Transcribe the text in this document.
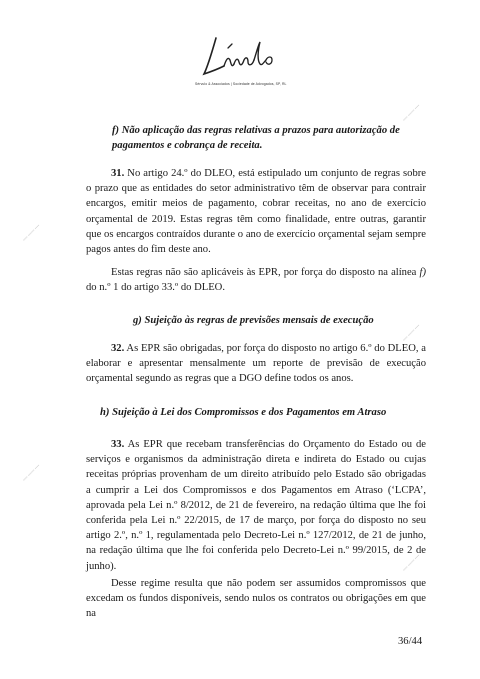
▪▪▪▪ ▪▪▪▪▪▪ ▪▪▪▪
▪▪▪▪ ▪▪▪▪▪▪ ▪▪▪▪
▪▪▪▪ ▪▪▪▪▪▪ ▪▪▪▪
▪▪▪▪ ▪▪▪▪▪▪ ▪▪▪▪
▪▪▪▪ ▪▪▪▪▪▪ ▪▪▪▪
Sérvulo & Associados | Sociedade de Advogados, SP, RL
f) Não aplicação das regras relativas a prazos para autorização de
pagamentos e cobrança de receita.
31. No artigo 24.º do DLEO, está estipulado um conjunto de regras sobre o prazo que as entidades do setor administrativo têm de observar para contrair encargos, emitir meios de pagamento, cobrar receitas, no ano de exercício orçamental de 2019. Estas regras têm como finalidade, entre outras, garantir que os encargos contraídos durante o ano de exercício orçamental sejam sempre pagos antes do fim deste ano.
Estas regras não são aplicáveis às EPR, por força do disposto na alínea f) do n.º 1 do artigo 33.º do DLEO.
g) Sujeição às regras de previsões mensais de execução
32. As EPR são obrigadas, por força do disposto no artigo 6.º do DLEO, a elaborar e apresentar mensalmente um reporte de previsão de execução orçamental segundo as regras que a DGO define todos os anos.
h) Sujeição à Lei dos Compromissos e dos Pagamentos em Atraso
33. As EPR que recebam transferências do Orçamento do Estado ou de serviços e organismos da administração direta e indireta do Estado ou cujas receitas próprias provenham de um direito atribuído pelo Estado são obrigadas a cumprir a Lei dos Compromissos e dos Pagamentos em Atraso (‘LCPA’, aprovada pela Lei n.º 8/2012, de 21 de fevereiro, na redação última que lhe foi conferida pela Lei n.º 22/2015, de 17 de março, por força do disposto no seu artigo 2.º, n.º 1, regulamentada pelo Decreto-Lei n.º 127/2012, de 21 de junho, na redação última que lhe foi conferida pelo Decreto-Lei n.º 99/2015, de 2 de junho).
Desse regime resulta que não podem ser assumidos compromissos que excedam os fundos disponíveis, sendo nulos os contratos ou obrigações em que na
36/44
